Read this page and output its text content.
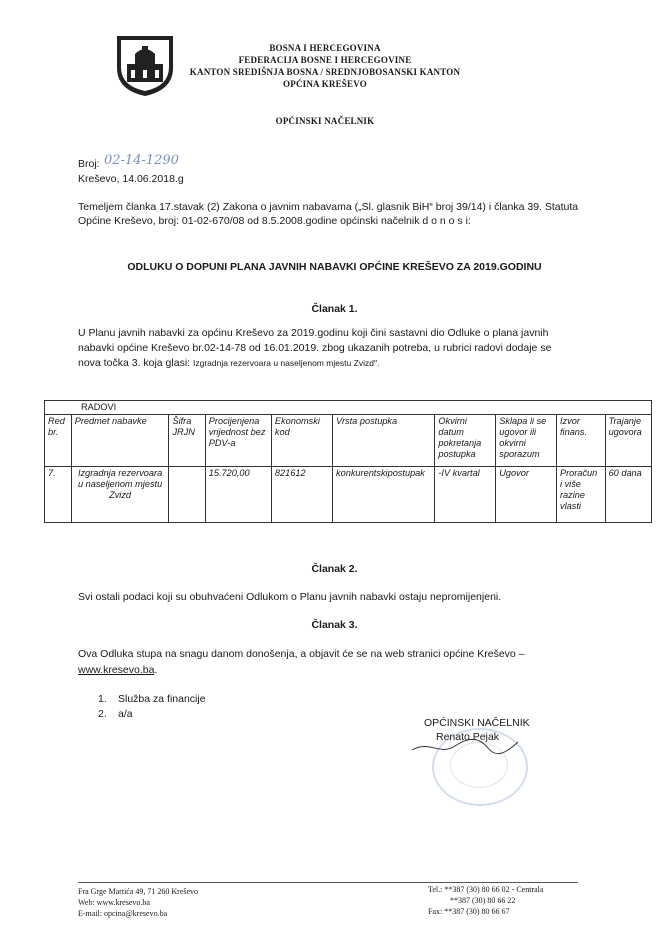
BOSNA I HERCEGOVINA
FEDERACIJA BOSNE I HERCEGOVINE
KANTON SREDIŠNJA BOSNA / SREDNJOBOSANSKI KANTON
OPĆINA KREŠEVO
OPĆINSKI NAČELNIK
Broj: 02-14-1290
Kreševo, 14.06.2018.g
Temeljem članka 17.stavak (2) Zakona o javnim nabavama („Sl. glasnik BiH“ broj 39/14) i članka 39. Statuta
Općine Kreševo, broj: 01-02-670/08 od 8.5.2008.godine općinski načelnik d o n o s i:
ODLUKU O DOPUNI PLANA JAVNIH NABAVKI OPĆINE KREŠEVO ZA 2019.GODINU
Članak 1.
U Planu javnih nabavki za općinu Kreševo za 2019.godinu koji čini sastavni dio Odluke o plana javnih
nabavki općine Kreševo br.02-14-78 od 16.01.2019. zbog ukazanih potreba, u rubrici radovi dodaje se
nova točka 3. koja glasi: Izgradnja rezervoara u naseljenom mjestu Zvizd".
RADOVI									
Red br.	Predmet nabavke	Šifra JRJN	Procijenjena vrijednost bez PDV-a	Ekonomski kod	Vrsta postupka	Okvirni datum pokretanja postupka	Sklapa li se ugovor ili okvirni sporazum	Izvor finans.	Trajanje ugovora
7.	Izgradnja rezervoara u naseljenom mjestu Zvizd		15.720,00	821612	konkurentskipostupak	-IV kvartal	Ugovor	Proračun i više razine vlasti	60 dana
Članak 2.
Svi ostali podaci koji su obuhvaćeni Odlukom o Planu javnih nabavki ostaju nepromijenjeni.
Članak 3.
Ova Odluka stupa na snagu danom donošenja, a objavit će se na web stranici općine Kreševo –
www.kresevo.ba.
1. Služba za financije
2. a/a
OPĆINSKI NAČELNIK
Renato Pejak
Fra Grge Martića 49, 71 260 Kreševo
Web: www.kresevo.ba
E-mail: opcina@kresevo.ba
Tel.: **387 (30) 80 66 02 - Centrala
**387 (30) 80 66 22
Fax: **387 (30) 80 66 67
